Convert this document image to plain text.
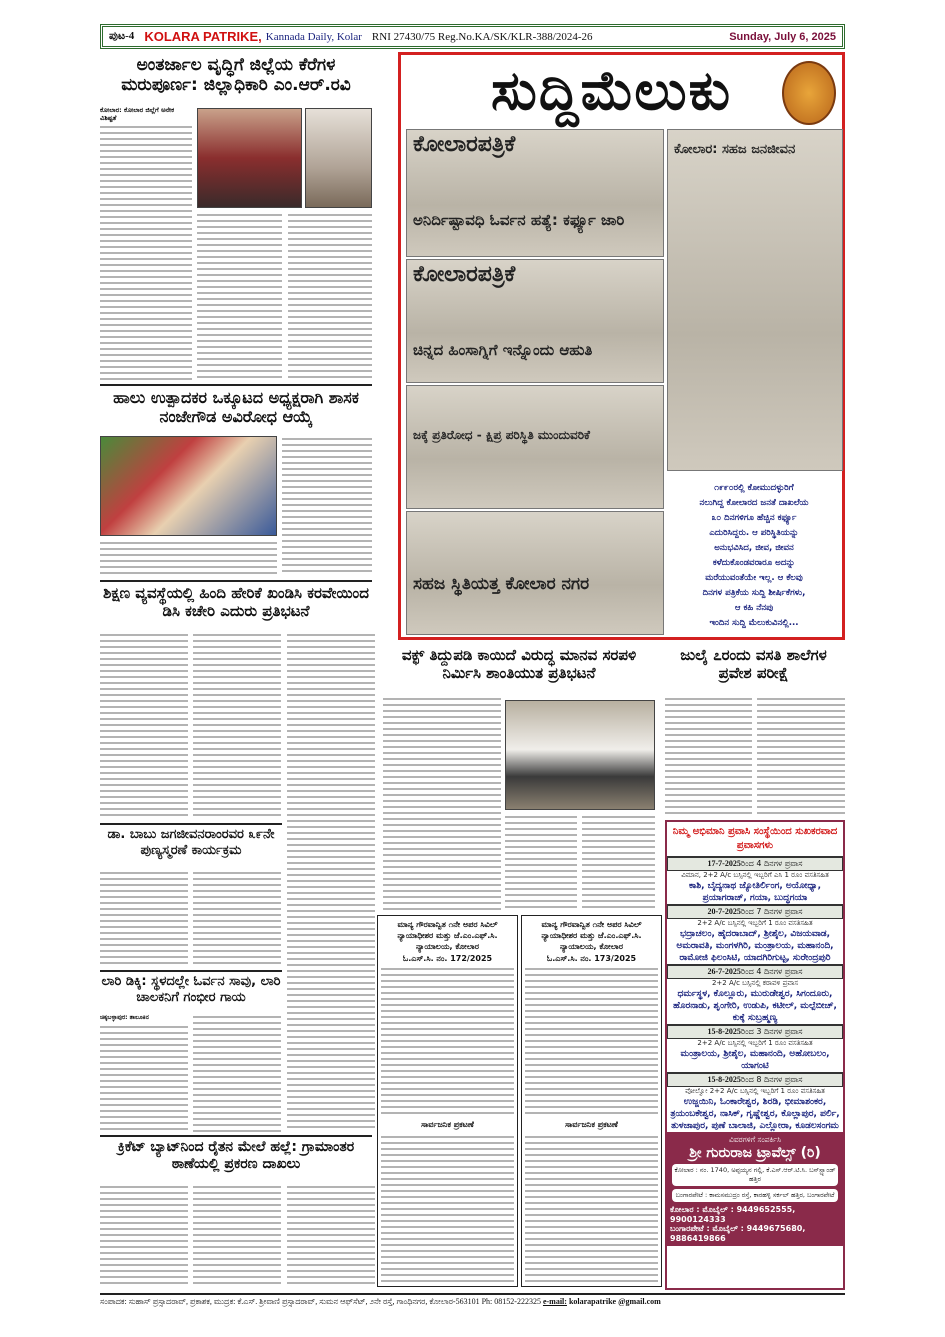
ಪುಟ-4 KOLARA PATRIKE, Kannada Daily, Kolar RNI 27430/75 Reg.No.KA/SK/KLR-388/2024-26	Sunday, July 6, 2025
ಅಂತರ್ಜಾಲ ವೃದ್ಧಿಗೆ ಜಿಲ್ಲೆಯ ಕೆರೆಗಳ ಮರುಪೂರ್ಣ: ಜಿಲ್ಲಾಧಿಕಾರಿ ಎಂ.ಆರ್.ರವಿ
ಕೋಲಾರ: ಕೋಲಾರ ಜಿಲ್ಲೆಗೆ ಅನೇಕ ವಿಶಿಷ್ಟತೆ
ಹಾಲು ಉತ್ಪಾದಕರ ಒಕ್ಕೂಟದ ಅಧ್ಯಕ್ಷರಾಗಿ ಶಾಸಕ ನಂಜೇಗೌಡ ಅವಿರೋಧ ಆಯ್ಕೆ
ಶಿಕ್ಷಣ ವ್ಯವಸ್ಥೆಯಲ್ಲಿ ಹಿಂದಿ ಹೇರಿಕೆ ಖಂಡಿಸಿ ಕರವೇಯಿಂದ ಡಿಸಿ ಕಚೇರಿ ಎದುರು ಪ್ರತಿಭಟನೆ
ಡಾ. ಬಾಬು ಜಗಜೀವನರಾಂರವರ ೩೯ನೇ ಪುಣ್ಯಸ್ಮರಣೆ ಕಾರ್ಯಕ್ರಮ
ಲಾರಿ ಡಿಕ್ಕಿ: ಸ್ಥಳದಲ್ಲೇ ಓರ್ವನ ಸಾವು, ಲಾರಿ ಚಾಲಕನಿಗೆ ಗಂಭೀರ ಗಾಯ
ಚಿಕ್ಕಬಳ್ಳಾಪುರ: ತಾಲೂಕಿನ
ಕ್ರಿಕೆಟ್ ಬ್ಯಾಟ್‌ನಿಂದ ರೈತನ ಮೇಲೆ ಹಲ್ಲೆ: ಗ್ರಾಮಾಂತರ ಠಾಣೆಯಲ್ಲಿ ಪ್ರಕರಣ ದಾಖಲು
ಸುದ್ದಿಮೆಲುಕು
ಕೋಲಾರಪತ್ರಿಕೆ
ಅನಿರ್ದಿಷ್ಟಾವಧಿ ಓರ್ವನ ಹತ್ಯೆ: ಕರ್ಫ್ಯೂ ಜಾರಿ
ಕೋಲಾರಪತ್ರಿಕೆ
ಚಿನ್ನದ ಹಿಂಸಾಗ್ನಿಗೆ ಇನ್ನೊಂದು ಆಹುತಿ
ಜಕ್ಕೆ ಪ್ರತಿರೋಧ - ಕ್ಷಿಪ್ರ ಪರಿಸ್ಥಿತಿ ಮುಂದುವರಿಕೆ
ಸಹಜ ಸ್ಥಿತಿಯತ್ತ ಕೋಲಾರ ನಗರ
ಕೋಲಾರ: ಸಹಜ ಜನಜೀವನ
೧೯೯೦ರಲ್ಲಿ ಕೋಮುದಳ್ಳುರಿಗೆ
ನಲುಗಿದ್ದ ಕೋಲಾರದ ಜನತೆ ದಾಖಲೆಯ
೩೦ ದಿನಗಳಿಗೂ ಹೆಚ್ಚಿನ ಕರ್ಫ್ಯೂ
ಎದುರಿಸಿದ್ದರು. ಆ ಪರಿಸ್ಥಿತಿಯನ್ನು
ಅನುಭವಿಸಿದ, ಜೀವ, ಜೀವನ
ಕಳೆದುಕೊಂಡವರಾರೂ ಅದನ್ನು
ಮರೆಯುವಂತೆಯೇ ಇಲ್ಲ. ಆ ಕೆಲವು
ದಿನಗಳ ಪತ್ರಿಕೆಯ ಸುದ್ದಿ ಶೀರ್ಷಿಕೆಗಳು,
ಆ ಕಹಿ ನೆನಪು
ಇಂದಿನ ಸುದ್ದಿ ಮೆಲುಕುವಿನಲ್ಲಿ...
ವಕ್ಫ್ ತಿದ್ದುಪಡಿ ಕಾಯಿದೆ ವಿರುದ್ಧ ಮಾನವ ಸರಪಳಿ ನಿರ್ಮಿಸಿ ಶಾಂತಿಯುತ ಪ್ರತಿಭಟನೆ
ಮಾನ್ಯ ಗೌರವಾನ್ವಿತ ೧ನೇ ಅಪರ ಸಿವಿಲ್ ನ್ಯಾಯಾಧೀಶರ ಮತ್ತು ಜೆ.ಎಂ.ಎಫ್.ಸಿ. ನ್ಯಾಯಾಲಯ, ಕೋಲಾರ
ಓ.ಎಸ್.ಸಿ. ನಂ. 172/2025
ಸಾರ್ವಜನಿಕ ಪ್ರಕಟಣೆ
ಮಾನ್ಯ ಗೌರವಾನ್ವಿತ ೧ನೇ ಅಪರ ಸಿವಿಲ್ ನ್ಯಾಯಾಧೀಶರ ಮತ್ತು ಜೆ.ಎಂ.ಎಫ್.ಸಿ. ನ್ಯಾಯಾಲಯ, ಕೋಲಾರ
ಓ.ಎಸ್.ಸಿ. ನಂ. 173/2025
ಸಾರ್ವಜನಿಕ ಪ್ರಕಟಣೆ
ಜುಲೈ ೭ರಂದು ವಸತಿ ಶಾಲೆಗಳ ಪ್ರವೇಶ ಪರೀಕ್ಷೆ
ನಿಮ್ಮ ಅಭಿಮಾನಿ ಪ್ರವಾಸಿ ಸಂಸ್ಥೆಯಿಂದ ಸುಖಕರವಾದ ಪ್ರವಾಸಗಳು
17-7-2025ರಿಂದ 4 ದಿನಗಳ ಪ್ರವಾಸ
ವಿಮಾನ, 2+2 A/c ಬಸ್ಸಿನಲ್ಲಿ ಇಬ್ಬರಿಗೆ ಎಸಿ 1 ರೂಂ ವಸತಿಸಹಿತ
ಕಾಶಿ, ಬೈದ್ಯನಾಥ ಜ್ಯೋತಿರ್ಲಿಂಗ, ಅಯೋಧ್ಯಾ, ಪ್ರಯಾಗರಾಜ್, ಗಯಾ, ಬುದ್ಧಗಯಾ
20-7-2025ರಿಂದ 7 ದಿನಗಳ ಪ್ರವಾಸ
2+2 A/c ಬಸ್ಸಿನಲ್ಲಿ ಇಬ್ಬರಿಗೆ 1 ರೂಂ ವಸತಿಸಹಿತ
ಭದ್ರಾಚಲಂ, ಹೈದರಾಬಾದ್, ಶ್ರೀಶೈಲ, ವಿಜಯವಾಡ, ಅಮರಾವತಿ, ಮಂಗಳಗಿರಿ, ಮಂತ್ರಾಲಯ, ಮಹಾನಂದಿ, ರಾಮೋಜಿ ಫಿಲಂಸಿಟಿ, ಯಾದಗಿರಿಗುಟ್ಟ, ಸುರೇಂದ್ರಪುರಿ
26-7-2025ರಿಂದ 4 ದಿನಗಳ ಪ್ರವಾಸ
2+2 A/c ಬಸ್ಸಿನಲ್ಲಿ ಕರಾವಳಿ ಪ್ರವಾಸ
ಧರ್ಮಸ್ಥಳ, ಕೊಲ್ಲೂರು, ಮುರುಡೇಶ್ವರ, ಸಿಗಂದೂರು, ಹೊರನಾಡು, ಶೃಂಗೇರಿ, ಉಡುಪಿ, ಕಟೀಲ್, ಮಲ್ಪೆಬೀಚ್, ಕುಕ್ಕೆ ಸುಬ್ರಹ್ಮಣ್ಯ
15-8-2025ರಿಂದ 3 ದಿನಗಳ ಪ್ರವಾಸ
2+2 A/c ಬಸ್ಸಿನಲ್ಲಿ ಇಬ್ಬರಿಗೆ 1 ರೂಂ ವಸತಿಸಹಿತ
ಮಂತ್ರಾಲಯ, ಶ್ರೀಶೈಲ, ಮಹಾನಂದಿ, ಅಹೋಬಲಂ, ಯಾಗಂಟಿ
15-8-2025ರಿಂದ 8 ದಿನಗಳ ಪ್ರವಾಸ
ವೋಲ್ವೋ 2+2 A/c ಬಸ್ಸಿನಲ್ಲಿ ಇಬ್ಬರಿಗೆ 1 ರೂಂ ವಸತಿಸಹಿತ
ಉಜ್ಜಯಿನಿ, ಓಂಕಾರೇಶ್ವರ, ಶಿರಡಿ, ಭೀಮಾಶಂಕರ, ತ್ರಯಂಬಕೇಶ್ವರ, ನಾಸಿಕ್, ಗೃಷ್ಣೇಶ್ವರ, ಕೊಲ್ಲಾಪುರ, ಪರ್ಲಿ, ತುಳಜಾಪುರ, ಪುಣೆ ಬಾಲಾಜಿ, ಎಲ್ಲೋರಾ, ಕೂಡಲಸಂಗಮ
ವಿವರಗಳಿಗೆ ಸಂಪರ್ಕಿಸಿ
ಶ್ರೀ ಗುರುರಾಜ ಟ್ರಾವೆಲ್ಸ್ (ರಿ)
ಕೋಲಾರ : ನಂ. 1740, ಅಪ್ಪಯ್ಯನ ಗಲ್ಲಿ, ಕೆ.ಎಸ್.ಆರ್.ಟಿ.ಸಿ. ಬಸ್‌ಸ್ಟ್ಯಾಂಡ್ ಹತ್ತಿರ
ಬಂಗಾರಪೇಟೆ : ಕಾಮಸಮುದ್ರಂ ರಸ್ತೆ, ಕಾರಹಳ್ಳಿ ಸರ್ಕಲ್ ಹತ್ತಿರ, ಬಂಗಾರಪೇಟೆ
ಕೋಲಾರ : ಮೊಬೈಲ್ : 9449652555, 9900124333
ಬಂಗಾರಪೇಟೆ : ಮೊಬೈಲ್ : 9449675680, 9886419866
ಸಂಪಾದಕ: ಸುಹಾಸ್ ಪ್ರಸ್ಸಾದರಾವ್, ಪ್ರಕಾಶಕ, ಮುದ್ರಕ: ಕೆ.ಎಸ್. ಶ್ರೀವಾಣಿ ಪ್ರಸ್ಸಾದರಾವ್, ಸುಮನ ಆಫ್‌ಸೆಟ್, ೨ನೇ ರಸ್ತೆ, ಗಾಂಧಿನಗರ, ಕೋಲಾರ-563101 Ph: 08152-222325 e-mail: kolarapatrike @gmail.com
